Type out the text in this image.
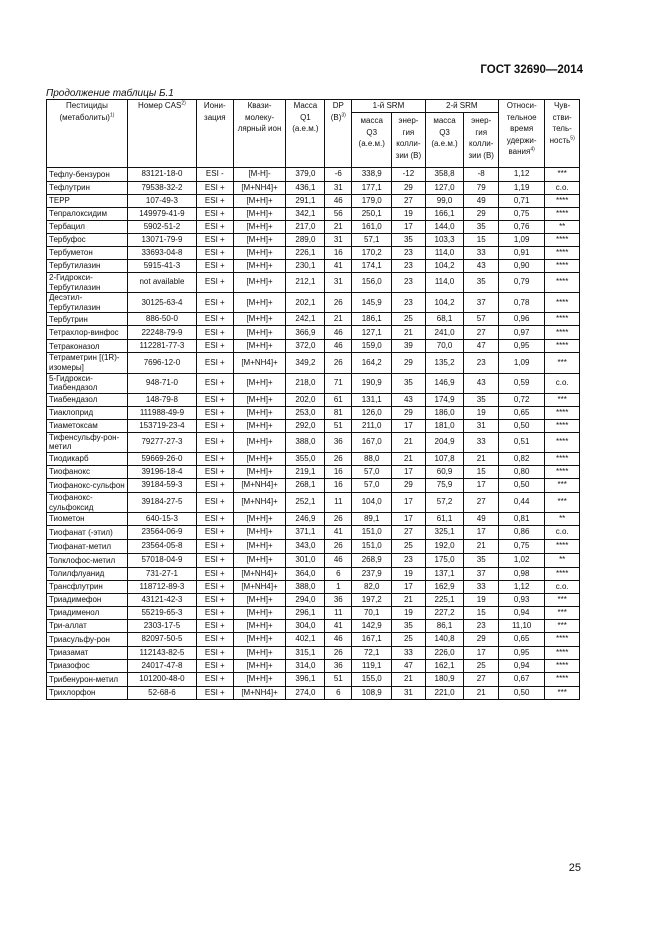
ГОСТ 32690—2014
Продолжение таблицы Б.1
Пестициды (метаболиты)$^{1)}$	Номер CAS$^{2)}$	Иони-зация	Квази-молеку-лярный ион	Масса Q1 (а.е.м.)	DP $(B)^{3)}$	1-й SRM		2-й SRM		Относи-тельное время удержи-вания$^{4)}$	Чув-стви-тель-ность$^{5)}$
						масса Q3 (а.е.м.)	энер-гия колли-зии (B)	масса Q3 (а.е.м.)	энер-гия колли-зии (B)		
Тефлу-бензурон	83121-18-0	ESI -	[M-H]-	379,0	-6	338,9	-12	358,8	-8	1,12	***
Тефлутрин	79538-32-2	ESI +	[M+NH4]+	436,1	31	177,1	29	127,0	79	1,19	с.о.
TEPP	107-49-3	ESI +	[M+H]+	291,1	46	179,0	27	99,0	49	0,71	****
Тепралоксидим	149979-41-9	ESI +	[M+H]+	342,1	56	250,1	19	166,1	29	0,75	****
Тербацил	5902-51-2	ESI +	[M+H]+	217,0	21	161,0	17	144,0	35	0,76	**
Тербуфос	13071-79-9	ESI +	[M+H]+	289,0	31	57,1	35	103,3	15	1,09	****
Тербуметон	33693-04-8	ESI +	[M+H]+	226,1	16	170,2	23	114,0	33	0,91	****
Тербутилазин	5915-41-3	ESI +	[M+H]+	230,1	41	174,1	23	104,2	43	0,90	****
2-Гидрокси-Тербутилазин	not available	ESI +	[M+H]+	212,1	31	156,0	23	114,0	35	0,79	****
Десэтил-Тербутилазин	30125-63-4	ESI +	[M+H]+	202,1	26	145,9	23	104,2	37	0,78	****
Тербутрин	886-50-0	ESI +	[M+H]+	242,1	21	186,1	25	68,1	57	0,96	****
Тетрахлор-винфос	22248-79-9	ESI +	[M+H]+	366,9	46	127,1	21	241,0	27	0,97	****
Тетраконазол	112281-77-3	ESI +	[M+H]+	372,0	46	159,0	39	70,0	47	0,95	****
Тетраметрин [(1R)-изомеры]	7696-12-0	ESI +	[M+NH4]+	349,2	26	164,2	29	135,2	23	1,09	***
5-Гидрокси-Тиабендазол	948-71-0	ESI +	[M+H]+	218,0	71	190,9	35	146,9	43	0,59	с.о.
Тиабендазол	148-79-8	ESI +	[M+H]+	202,0	61	131,1	43	174,9	35	0,72	***
Тиаклоприд	111988-49-9	ESI +	[M+H]+	253,0	81	126,0	29	186,0	19	0,65	****
Тиаметоксам	153719-23-4	ESI +	[M+H]+	292,0	51	211,0	17	181,0	31	0,50	****
Тифенсульфу-рон-метил	79277-27-3	ESI +	[M+H]+	388,0	36	167,0	21	204,9	33	0,51	****
Тиодикарб	59669-26-0	ESI +	[M+H]+	355,0	26	88,0	21	107,8	21	0,82	****
Тиофанокс	39196-18-4	ESI +	[M+H]+	219,1	16	57,0	17	60,9	15	0,80	****
Тиофанокс-сульфон	39184-59-3	ESI +	[M+NH4]+	268,1	16	57,0	29	75,9	17	0,50	***
Тиофанокс-сульфоксид	39184-27-5	ESI +	[M+NH4]+	252,1	11	104,0	17	57,2	27	0,44	***
Тиометон	640-15-3	ESI +	[M+H]+	246,9	26	89,1	17	61,1	49	0,81	**
Тиофанат (-этил)	23564-06-9	ESI +	[M+H]+	371,1	41	151,0	27	325,1	17	0,86	с.о.
Тиофанат-метил	23564-05-8	ESI +	[M+H]+	343,0	26	151,0	25	192,0	21	0,75	****
Толклофос-метил	57018-04-9	ESI +	[M+H]+	301,0	46	268,9	23	175,0	35	1,02	**
Толилфлуанид	731-27-1	ESI +	[M+NH4]+	364,0	6	237,9	19	137,1	37	0,98	****
Трансфлутрин	118712-89-3	ESI +	[M+NH4]+	388,0	1	82,0	17	162,9	33	1,12	с.о.
Триадимефон	43121-42-3	ESI +	[M+H]+	294,0	36	197,2	21	225,1	19	0,93	***
Триадименол	55219-65-3	ESI +	[M+H]+	296,1	11	70,1	19	227,2	15	0,94	***
Три-аллат	2303-17-5	ESI +	[M+H]+	304,0	41	142,9	35	86,1	23	11,10	***
Триасульфу-рон	82097-50-5	ESI +	[M+H]+	402,1	46	167,1	25	140,8	29	0,65	****
Триазамат	112143-82-5	ESI +	[M+H]+	315,1	26	72,1	33	226,0	17	0,95	****
Триазофос	24017-47-8	ESI +	[M+H]+	314,0	36	119,1	47	162,1	25	0,94	****
Трибенурон-метил	101200-48-0	ESI +	[M+H]+	396,1	51	155,0	21	180,9	27	0,67	****
Трихлорфон	52-68-6	ESI +	[M+NH4]+	274,0	6	108,9	31	221,0	21	0,50	***
25
